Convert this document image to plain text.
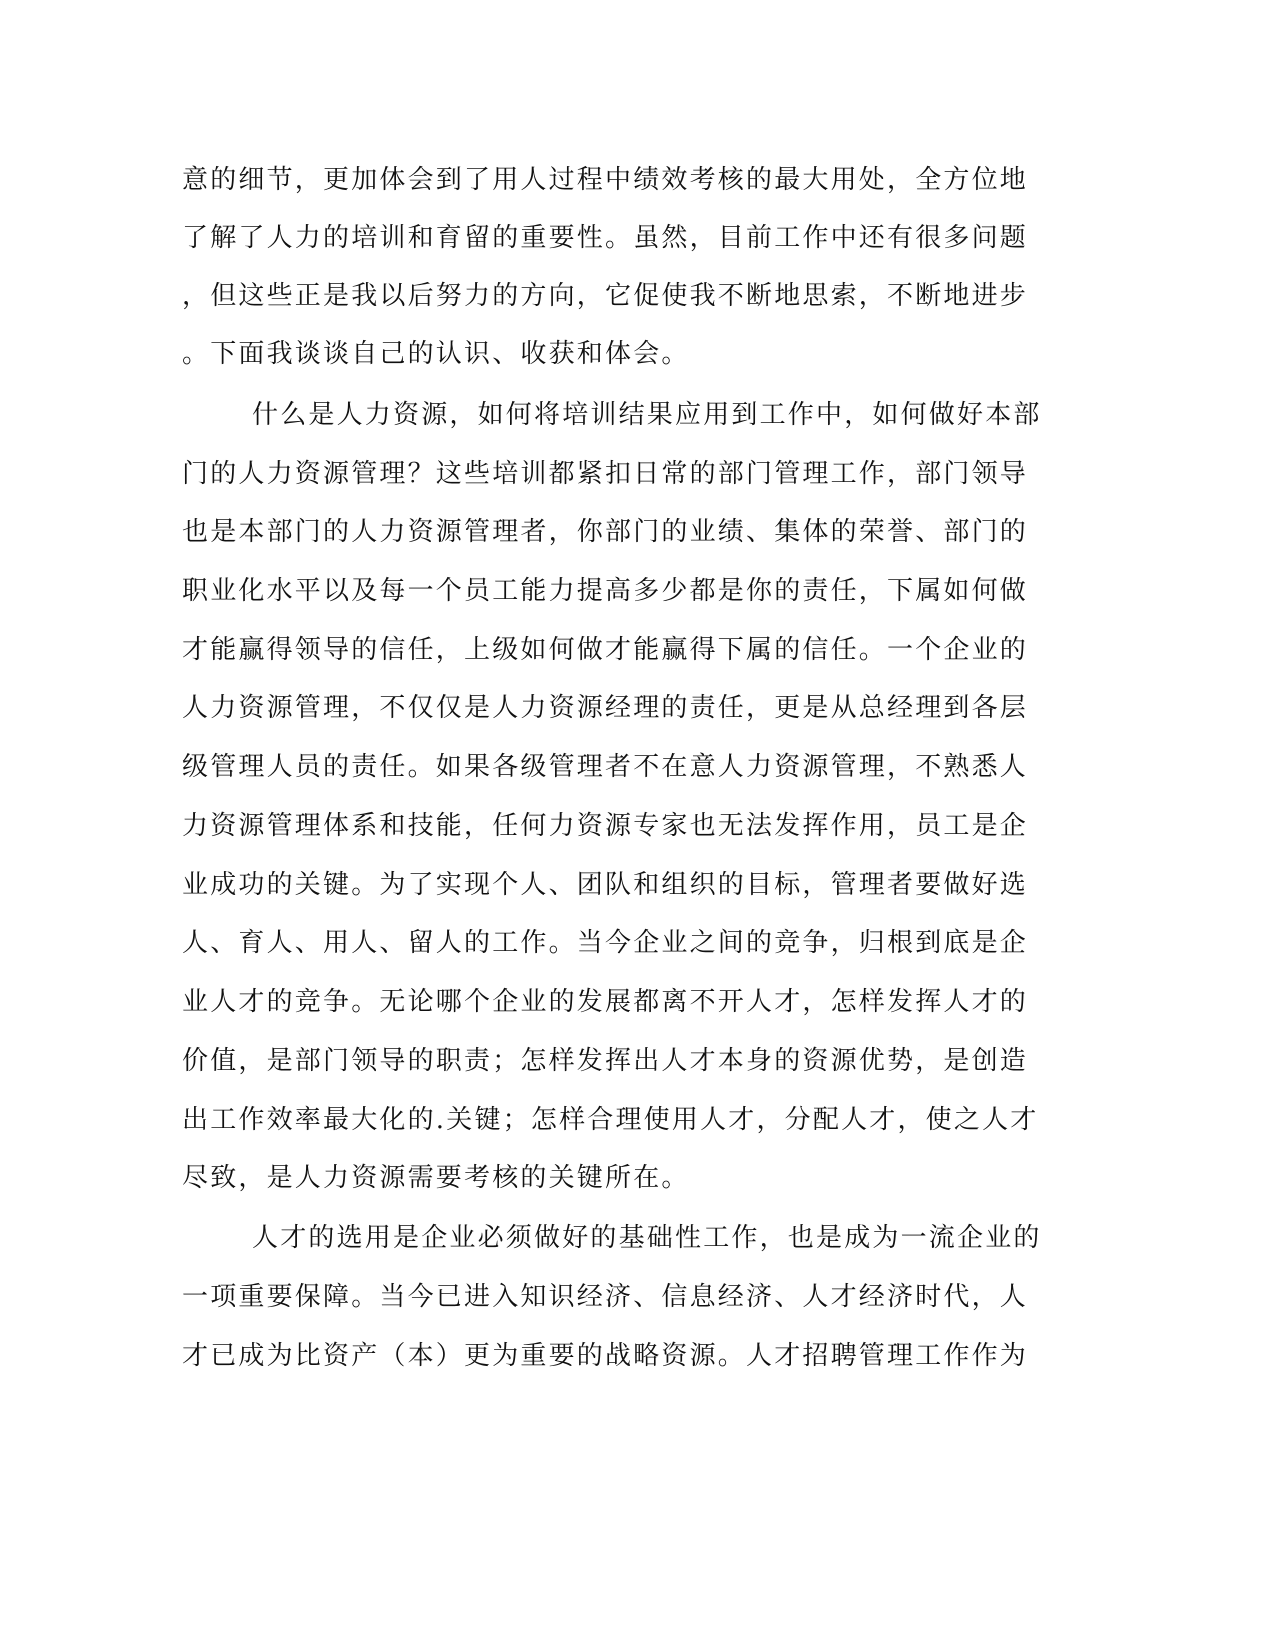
意的细节，更加体会到了用人过程中绩效考核的最大用处，全方位地
了解了人力的培训和育留的重要性。虽然，目前工作中还有很多问题
，但这些正是我以后努力的方向，它促使我不断地思索，不断地进步
。下面我谈谈自己的认识、收获和体会。
什么是人力资源，如何将培训结果应用到工作中，如何做好本部
门的人力资源管理？这些培训都紧扣日常的部门管理工作，部门领导
也是本部门的人力资源管理者，你部门的业绩、集体的荣誉、部门的
职业化水平以及每一个员工能力提高多少都是你的责任，下属如何做
才能赢得领导的信任，上级如何做才能赢得下属的信任。一个企业的
人力资源管理，不仅仅是人力资源经理的责任，更是从总经理到各层
级管理人员的责任。如果各级管理者不在意人力资源管理，不熟悉人
力资源管理体系和技能，任何力资源专家也无法发挥作用，员工是企
业成功的关键。为了实现个人、团队和组织的目标，管理者要做好选
人、育人、用人、留人的工作。当今企业之间的竞争，归根到底是企
业人才的竞争。无论哪个企业的发展都离不开人才，怎样发挥人才的
价值，是部门领导的职责；怎样发挥出人才本身的资源优势，是创造
出工作效率最大化的.关键；怎样合理使用人才，分配人才，使之人才
尽致，是人力资源需要考核的关键所在。
人才的选用是企业必须做好的基础性工作，也是成为一流企业的
一项重要保障。当今已进入知识经济、信息经济、人才经济时代，人
才已成为比资产（本）更为重要的战略资源。人才招聘管理工作作为
